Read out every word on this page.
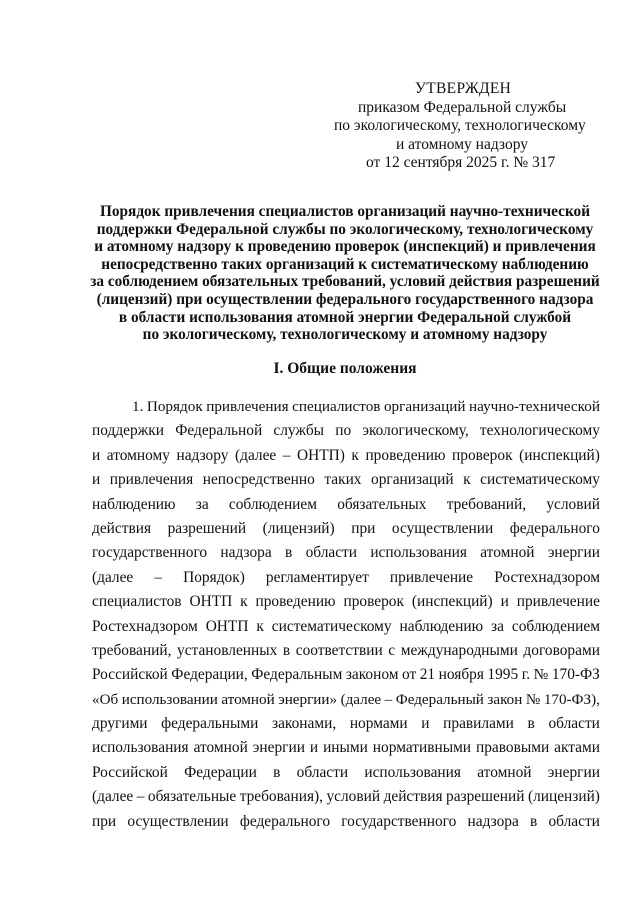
УТВЕРЖДЕН
приказом Федеральной службы
по экологическому, технологическому
и атомному надзору
от 12 сентября 2025 г. № 317
Порядок привлечения специалистов организаций научно-технической
поддержки Федеральной службы по экологическому, технологическому
и атомному надзору к проведению проверок (инспекций) и привлечения
непосредственно таких организаций к систематическому наблюдению
за соблюдением обязательных требований, условий действия разрешений
(лицензий) при осуществлении федерального государственного надзора
в области использования атомной энергии Федеральной службой
по экологическому, технологическому и атомному надзору
I. Общие положения
1. Порядок привлечения специалистов организаций научно-технической
поддержки Федеральной службы по экологическому, технологическому
и атомному надзору (далее – ОНТП) к проведению проверок (инспекций)
и привлечения непосредственно таких организаций к систематическому
наблюдению за соблюдением обязательных требований, условий
действия разрешений (лицензий) при осуществлении федерального
государственного надзора в области использования атомной энергии
(далее – Порядок) регламентирует привлечение Ростехнадзором
специалистов ОНТП к проведению проверок (инспекций) и привлечение
Ростехнадзором ОНТП к систематическому наблюдению за соблюдением
требований, установленных в соответствии с международными договорами
Российской Федерации, Федеральным законом от 21 ноября 1995 г. № 170-ФЗ
«Об использовании атомной энергии» (далее – Федеральный закон № 170-ФЗ),
другими федеральными законами, нормами и правилами в области
использования атомной энергии и иными нормативными правовыми актами
Российской Федерации в области использования атомной энергии
(далее – обязательные требования), условий действия разрешений (лицензий)
при осуществлении федерального государственного надзора в области
